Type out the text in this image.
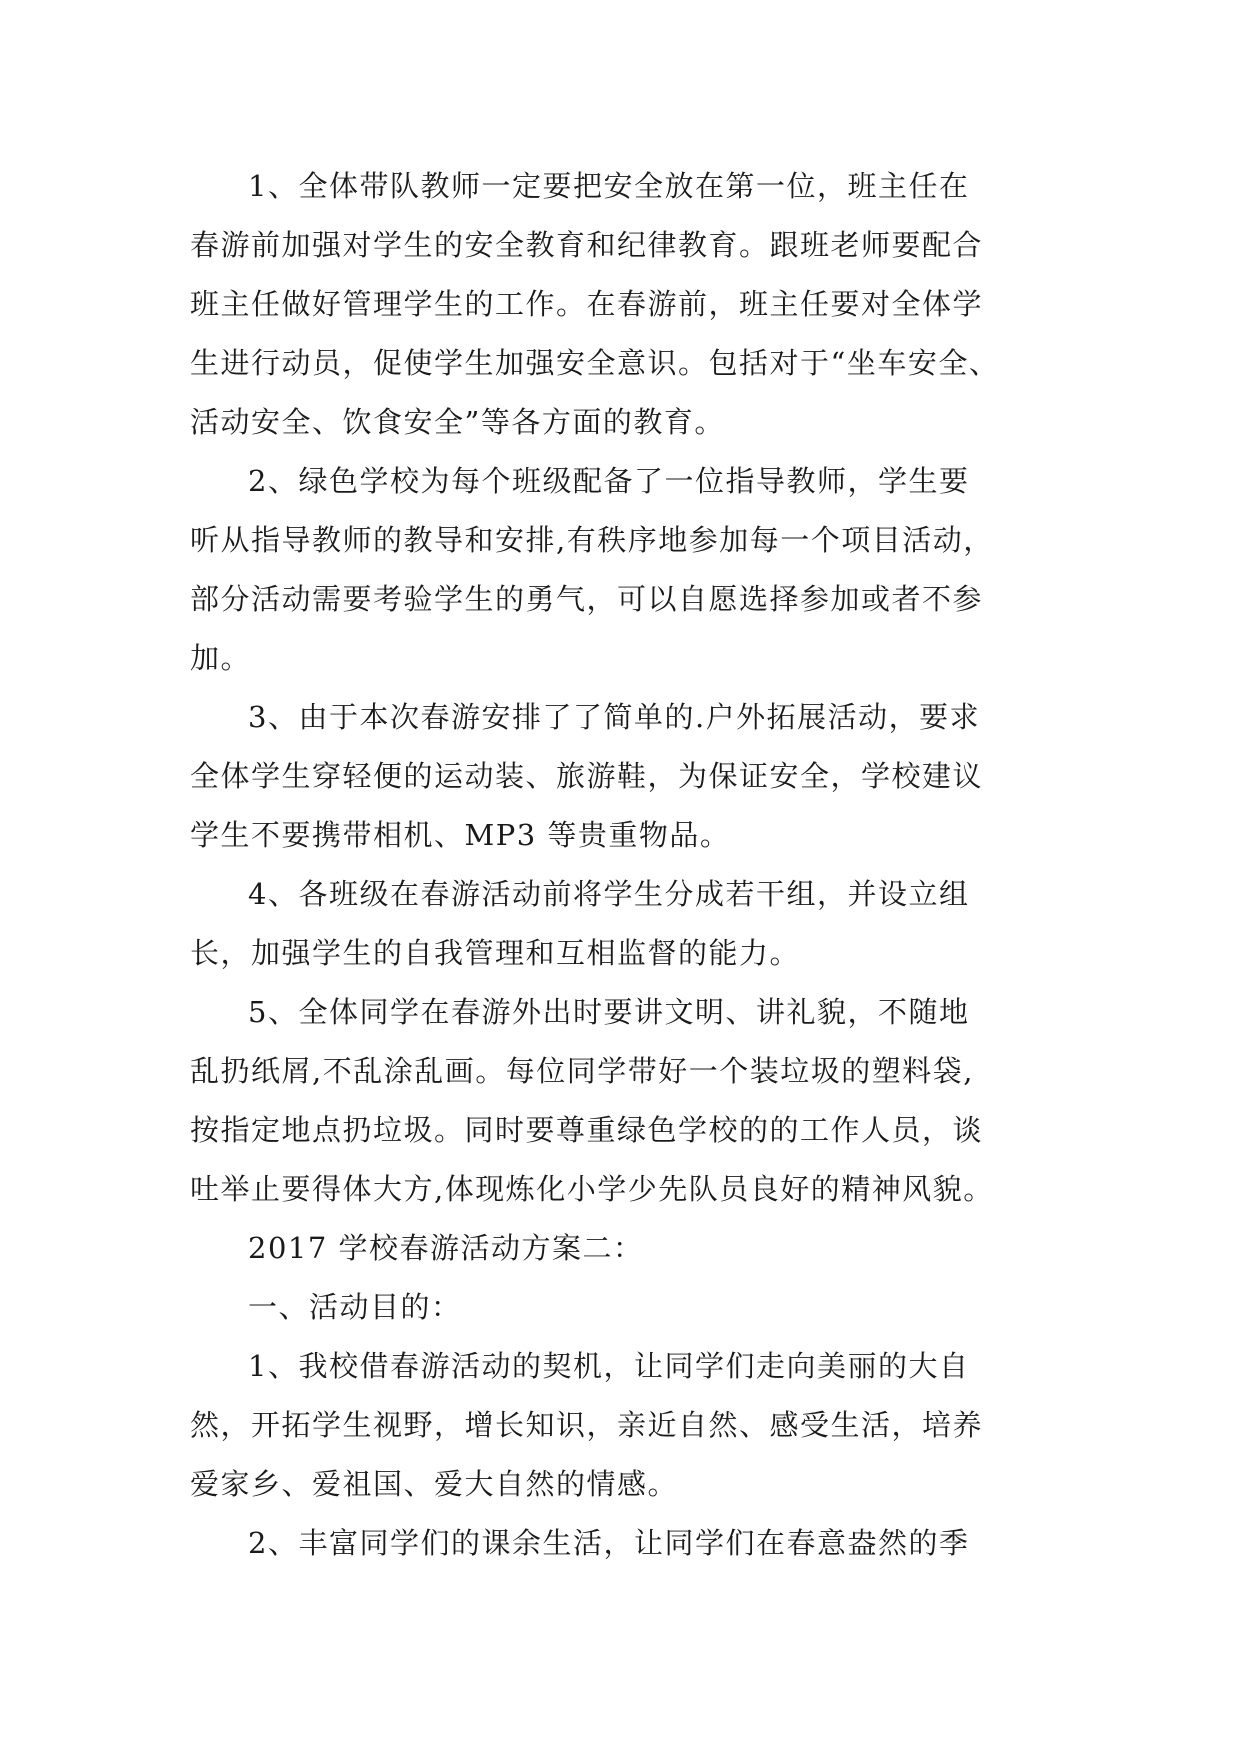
1、全体带队教师一定要把安全放在第一位，班主任在
春游前加强对学生的安全教育和纪律教育。跟班老师要配合
班主任做好管理学生的工作。在春游前，班主任要对全体学
生进行动员，促使学生加强安全意识。包括对于“坐车安全、
活动安全、饮食安全”等各方面的教育。
2、绿色学校为每个班级配备了一位指导教师，学生要
听从指导教师的教导和安排,有秩序地参加每一个项目活动，
部分活动需要考验学生的勇气，可以自愿选择参加或者不参
加。
3、由于本次春游安排了了简单的.户外拓展活动，要求
全体学生穿轻便的运动装、旅游鞋，为保证安全，学校建议
学生不要携带相机、MP3 等贵重物品。
4、各班级在春游活动前将学生分成若干组，并设立组
长，加强学生的自我管理和互相监督的能力。
5、全体同学在春游外出时要讲文明、讲礼貌，不随地
乱扔纸屑,不乱涂乱画。每位同学带好一个装垃圾的塑料袋,
按指定地点扔垃圾。同时要尊重绿色学校的的工作人员，谈
吐举止要得体大方,体现炼化小学少先队员良好的精神风貌。
2017 学校春游活动方案二：
一、活动目的：
1、我校借春游活动的契机，让同学们走向美丽的大自
然，开拓学生视野，增长知识，亲近自然、感受生活，培养
爱家乡、爱祖国、爱大自然的情感。
2、丰富同学们的课余生活，让同学们在春意盎然的季
